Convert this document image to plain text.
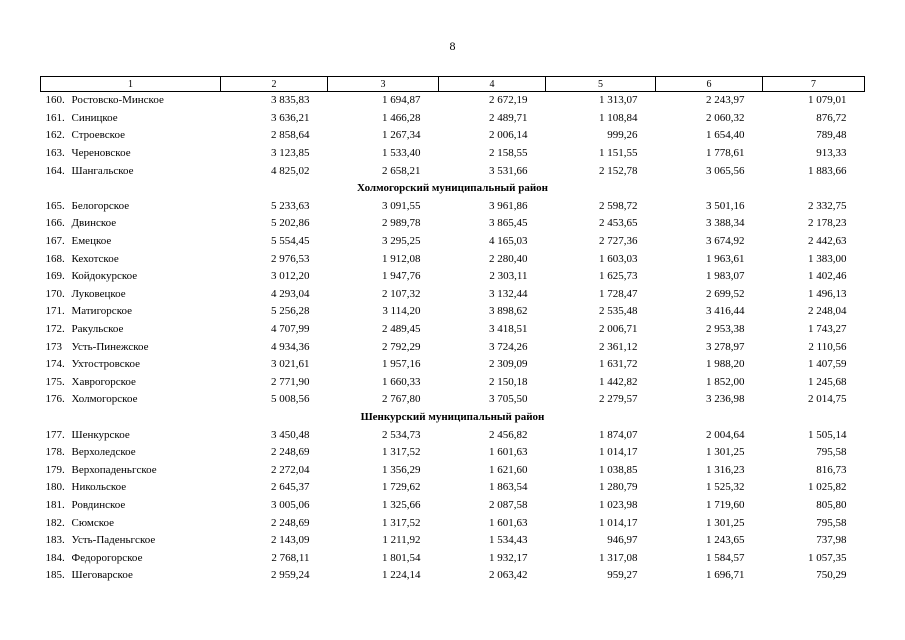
8
1	2	3	4	5	6	7
160. Ростовско-Минское	3 835,83	1 694,87	2 672,19	1 313,07	2 243,97	1 079,01
161. Синицкое	3 636,21	1 466,28	2 489,71	1 108,84	2 060,32	876,72
162. Строевское	2 858,64	1 267,34	2 006,14	999,26	1 654,40	789,48
163. Череновское	3 123,85	1 533,40	2 158,55	1 151,55	1 778,61	913,33
164. Шангальское	4 825,02	2 658,21	3 531,66	2 152,78	3 065,56	1 883,66
Холмогорский муниципальный район						
165. Белогорское	5 233,63	3 091,55	3 961,86	2 598,72	3 501,16	2 332,75
166. Двинское	5 202,86	2 989,78	3 865,45	2 453,65	3 388,34	2 178,23
167. Емецкое	5 554,45	3 295,25	4 165,03	2 727,36	3 674,92	2 442,63
168. Кехотское	2 976,53	1 912,08	2 280,40	1 603,03	1 963,61	1 383,00
169. Койдокурское	3 012,20	1 947,76	2 303,11	1 625,73	1 983,07	1 402,46
170. Луковецкое	4 293,04	2 107,32	3 132,44	1 728,47	2 699,52	1 496,13
171. Матигорское	5 256,28	3 114,20	3 898,62	2 535,48	3 416,44	2 248,04
172. Ракульское	4 707,99	2 489,45	3 418,51	2 006,71	2 953,38	1 743,27
173 Усть-Пинежское	4 934,36	2 792,29	3 724,26	2 361,12	3 278,97	2 110,56
174. Ухтостровское	3 021,61	1 957,16	2 309,09	1 631,72	1 988,20	1 407,59
175. Хаврогорское	2 771,90	1 660,33	2 150,18	1 442,82	1 852,00	1 245,68
176. Холмогорское	5 008,56	2 767,80	3 705,50	2 279,57	3 236,98	2 014,75
Шенкурский муниципальный район						
177. Шенкурское	3 450,48	2 534,73	2 456,82	1 874,07	2 004,64	1 505,14
178. Верхоледское	2 248,69	1 317,52	1 601,63	1 014,17	1 301,25	795,58
179. Верхопаденьгское	2 272,04	1 356,29	1 621,60	1 038,85	1 316,23	816,73
180. Никольское	2 645,37	1 729,62	1 863,54	1 280,79	1 525,32	1 025,82
181. Ровдинское	3 005,06	1 325,66	2 087,58	1 023,98	1 719,60	805,80
182. Сюмское	2 248,69	1 317,52	1 601,63	1 014,17	1 301,25	795,58
183. Усть-Паденьгское	2 143,09	1 211,92	1 534,43	946,97	1 243,65	737,98
184. Федорогорское	2 768,11	1 801,54	1 932,17	1 317,08	1 584,57	1 057,35
185. Шеговарское	2 959,24	1 224,14	2 063,42	959,27	1 696,71	750,29
